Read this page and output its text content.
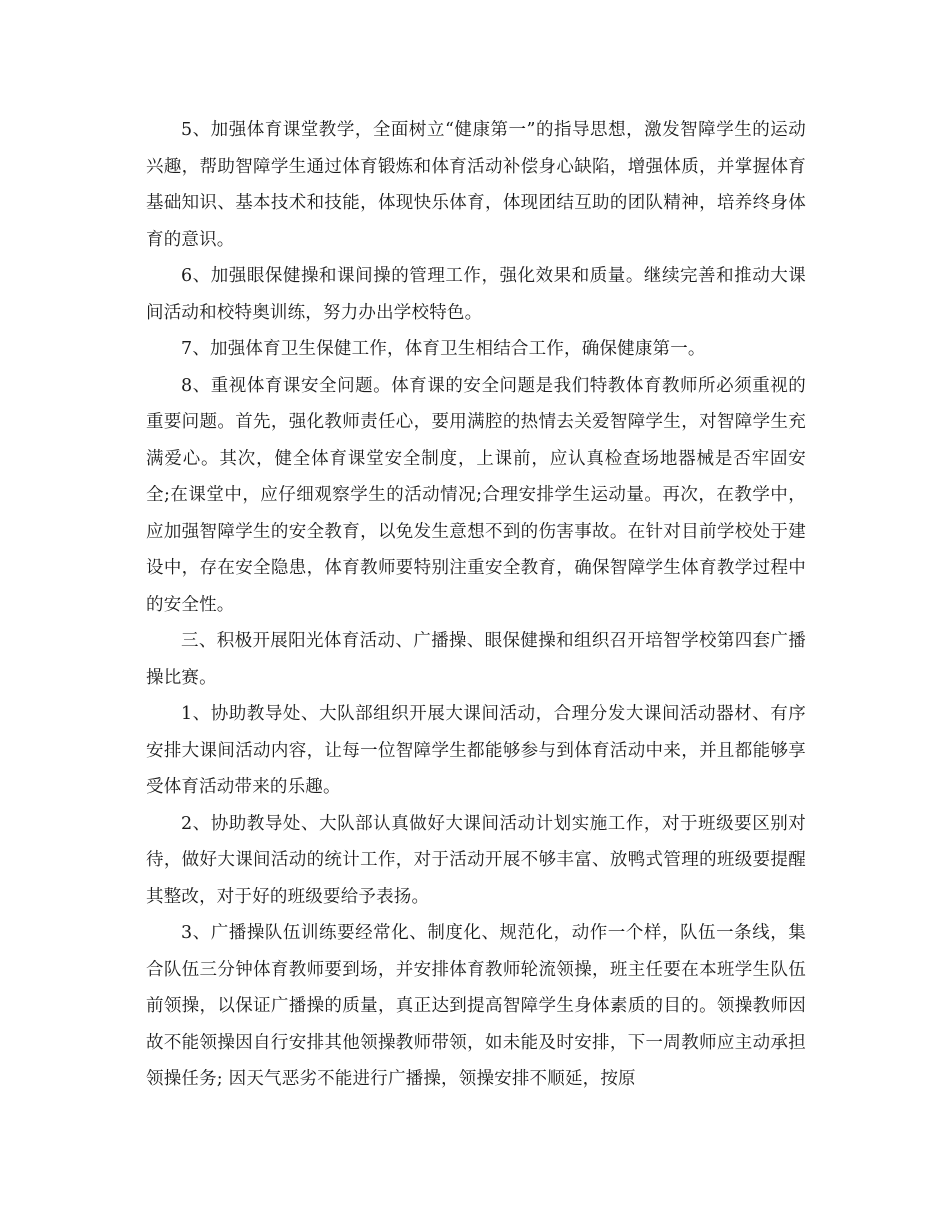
5、加强体育课堂教学，全面树立“健康第一”的指导思想，激发智障学生的运动兴趣，帮助智障学生通过体育锻炼和体育活动补偿身心缺陷，增强体质，并掌握体育基础知识、基本技术和技能，体现快乐体育，体现团结互助的团队精神，培养终身体育的意识。

6、加强眼保健操和课间操的管理工作，强化效果和质量。继续完善和推动大课间活动和校特奥训练，努力办出学校特色。

7、加强体育卫生保健工作，体育卫生相结合工作，确保健康第一。

8、重视体育课安全问题。体育课的安全问题是我们特教体育教师所必须重视的重要问题。首先，强化教师责任心，要用满腔的热情去关爱智障学生，对智障学生充满爱心。其次，健全体育课堂安全制度，上课前，应认真检查场地器械是否牢固安全;在课堂中，应仔细观察学生的活动情况;合理安排学生运动量。再次，在教学中，应加强智障学生的安全教育，以免发生意想不到的伤害事故。在针对目前学校处于建设中，存在安全隐患，体育教师要特别注重安全教育，确保智障学生体育教学过程中的安全性。

三、积极开展阳光体育活动、广播操、眼保健操和组织召开培智学校第四套广播操比赛。

1、协助教导处、大队部组织开展大课间活动，合理分发大课间活动器材、有序安排大课间活动内容，让每一位智障学生都能够参与到体育活动中来，并且都能够享受体育活动带来的乐趣。

2、协助教导处、大队部认真做好大课间活动计划实施工作，对于班级要区别对待，做好大课间活动的统计工作，对于活动开展不够丰富、放鸭式管理的班级要提醒其整改，对于好的班级要给予表扬。

3、广播操队伍训练要经常化、制度化、规范化，动作一个样，队伍一条线，集合队伍三分钟体育教师要到场，并安排体育教师轮流领操，班主任要在本班学生队伍前领操，以保证广播操的质量，真正达到提高智障学生身体素质的目的。领操教师因故不能领操因自行安排其他领操教师带领，如未能及时安排，下一周教师应主动承担领操任务; 因天气恶劣不能进行广播操，领操安排不顺延，按原
